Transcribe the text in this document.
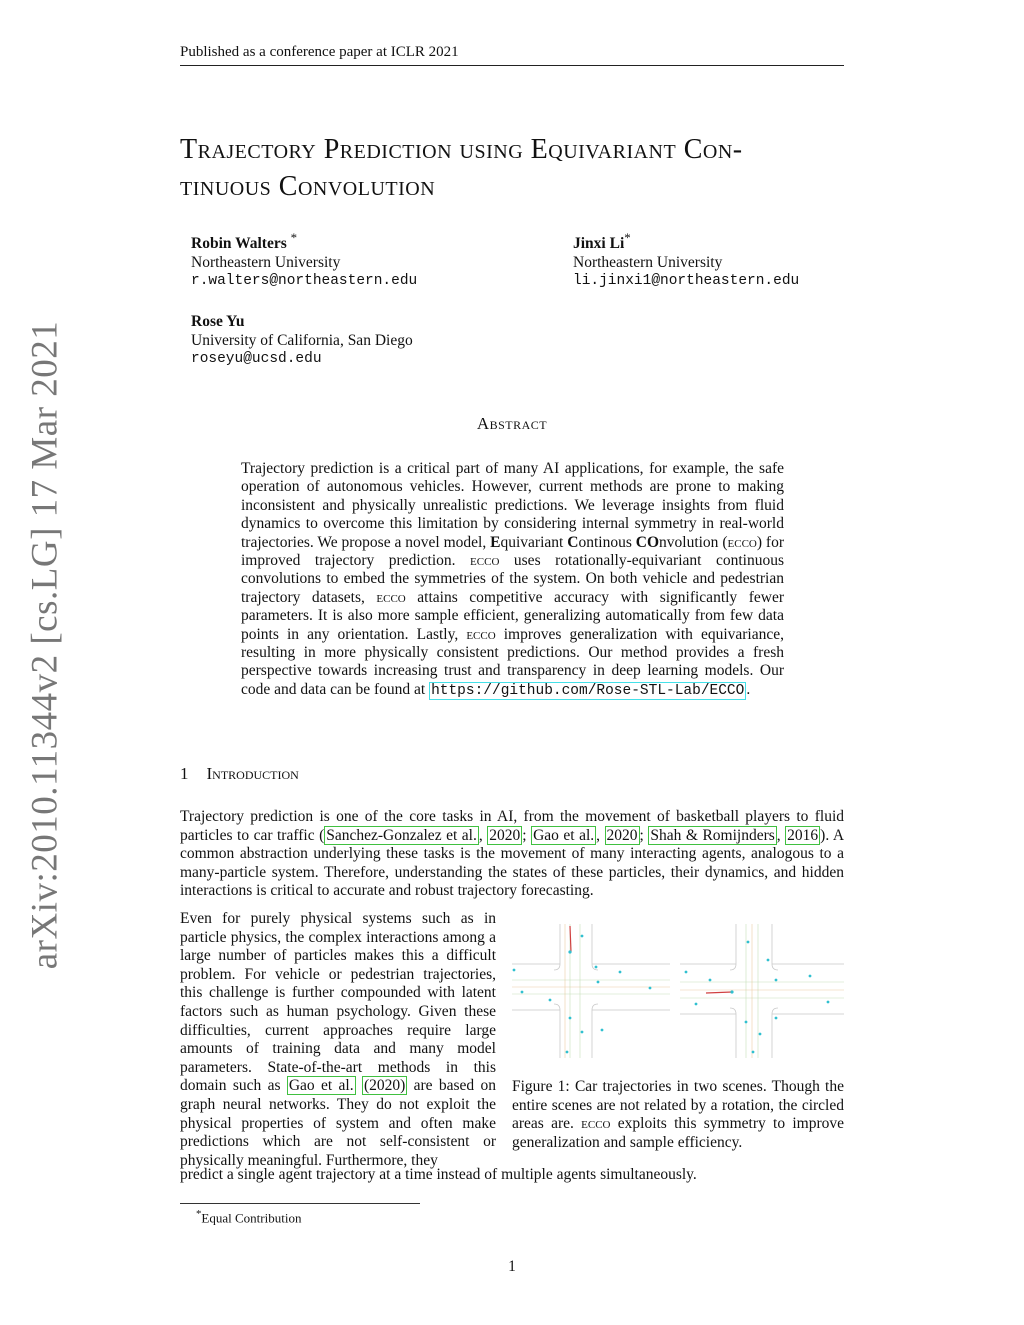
Published as a conference paper at ICLR 2021
arXiv:2010.11344v2 [cs.LG] 17 Mar 2021
Trajectory Prediction using Equivariant Con-
tinuous Convolution
Robin Walters *
Northeastern University
r.walters@northeastern.edu
Jinxi Li*
Northeastern University
li.jinxi1@northeastern.edu
Rose Yu
University of California, San Diego
roseyu@ucsd.edu
Abstract
Trajectory prediction is a critical part of many AI applications, for example, the safe operation of autonomous vehicles. However, current methods are prone to making inconsistent and physically unrealistic predictions. We leverage insights from fluid dynamics to overcome this limitation by considering internal symmetry in real-world trajectories. We propose a novel model, Equivariant Continous COnvolution (ecco) for improved trajectory prediction. ecco uses rotationally-equivariant continuous convolutions to embed the symmetries of the system. On both vehicle and pedestrian trajectory datasets, ecco attains competitive accuracy with significantly fewer parameters. It is also more sample efficient, generalizing automatically from few data points in any orientation. Lastly, ecco improves generalization with equivariance, resulting in more physically consistent predictions. Our method provides a fresh perspective towards increasing trust and transparency in deep learning models. Our code and data can be found at https://github.com/Rose-STL-Lab/ECCO .
1 Introduction
Trajectory prediction is one of the core tasks in AI, from the movement of basketball players to fluid particles to car traffic ( Sanchez-Gonzalez et al. , 2020 ; Gao et al. , 2020 ; Shah & Romijnders , 2016 ). A common abstraction underlying these tasks is the movement of many interacting agents, analogous to a many-particle system. Therefore, understanding the states of these particles, their dynamics, and hidden interactions is critical to accurate and robust trajectory forecasting.
Even for purely physical systems such as in particle physics, the complex interactions among a large number of particles makes this a difficult problem. For vehicle or pedestrian trajectories, this challenge is further compounded with latent factors such as human psychology. Given these difficulties, current approaches require large amounts of training data and many model parameters. State-of-the-art methods in this domain such as Gao et al. (2020) are based on graph neural networks. They do not exploit the physical properties of system and often make predictions which are not self-consistent or physically meaningful. Furthermore, they
predict a single agent trajectory at a time instead of multiple agents simultaneously.
Figure 1: Car trajectories in two scenes. Though the entire scenes are not related by a rotation, the circled areas are. ecco exploits this symmetry to improve generalization and sample efficiency.
*Equal Contribution
1
